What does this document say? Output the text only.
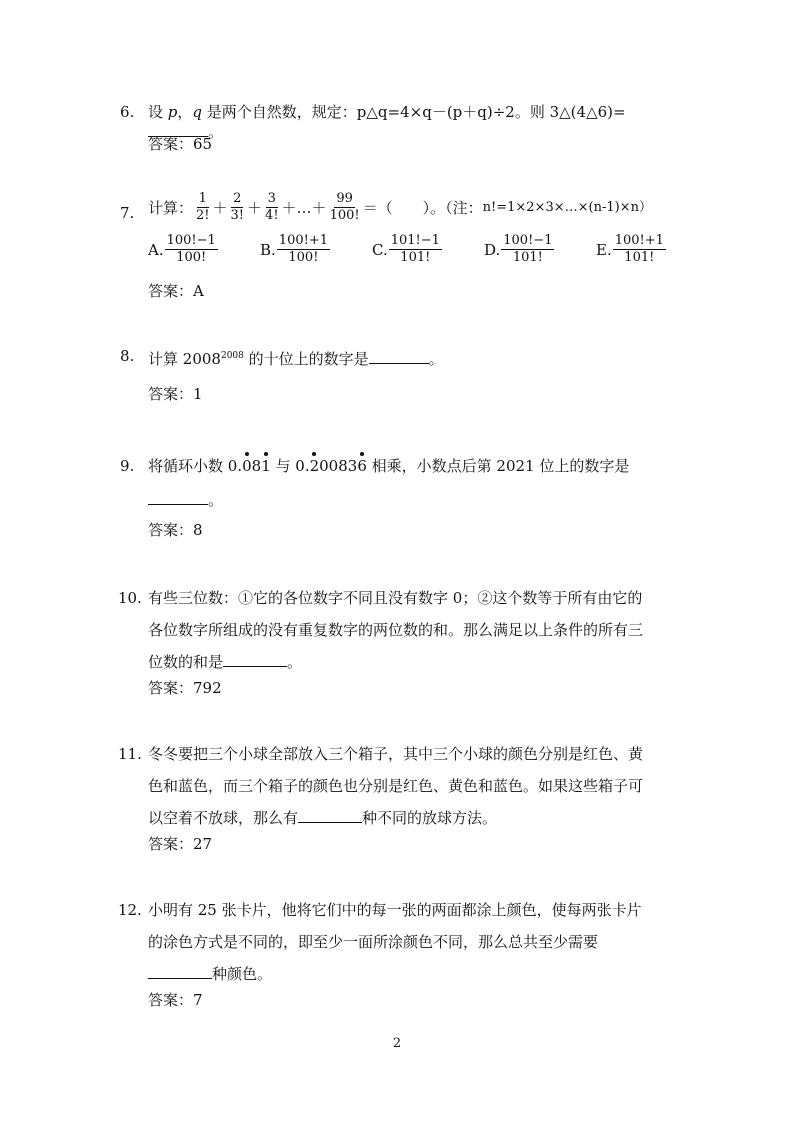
6. 设 p，q 是两个自然数，规定：p△q=4×q－(p＋q)÷2。则 3△(4△6)=。
答案：65
7. 计算： $\frac{1}{2!} + \frac{2}{3!} + \frac{3}{4!}$ ＋…＋ $\frac{99}{100!}$ ＝（　　）。（注： n!=1×2×3×…×(n-1)×n）
A. $\frac{100!-1}{100!}$	B. $\frac{100!+1}{100!}$	C. $\frac{101!-1}{101!}$	D. $\frac{100!-1}{101!}$	E. $\frac{100!+1}{101!}$
答案：A
8. 计算 $2008^{2008}$ 的十位上的数字是	。
答案：1
9. 将循环小数 0.081 与 0.200836 相乘，小数点后第 2021 位上的数字是
。
答案：8
10. 有些三位数：①它的各位数字不同且没有数字 0；②这个数等于所有由它的
各位数字所组成的没有重复数字的两位数的和。那么满足以上条件的所有三
位数的和是	。
答案：792
11. 冬冬要把三个小球全部放入三个箱子，其中三个小球的颜色分别是红色、黄
色和蓝色，而三个箱子的颜色也分别是红色、黄色和蓝色。如果这些箱子可
以空着不放球，那么有	种不同的放球方法。
答案：27
12. 小明有 25 张卡片，他将它们中的每一张的两面都涂上颜色，使每两张卡片
的涂色方式是不同的，即至少一面所涂颜色不同，那么总共至少需要
种颜色。
答案：7
2
